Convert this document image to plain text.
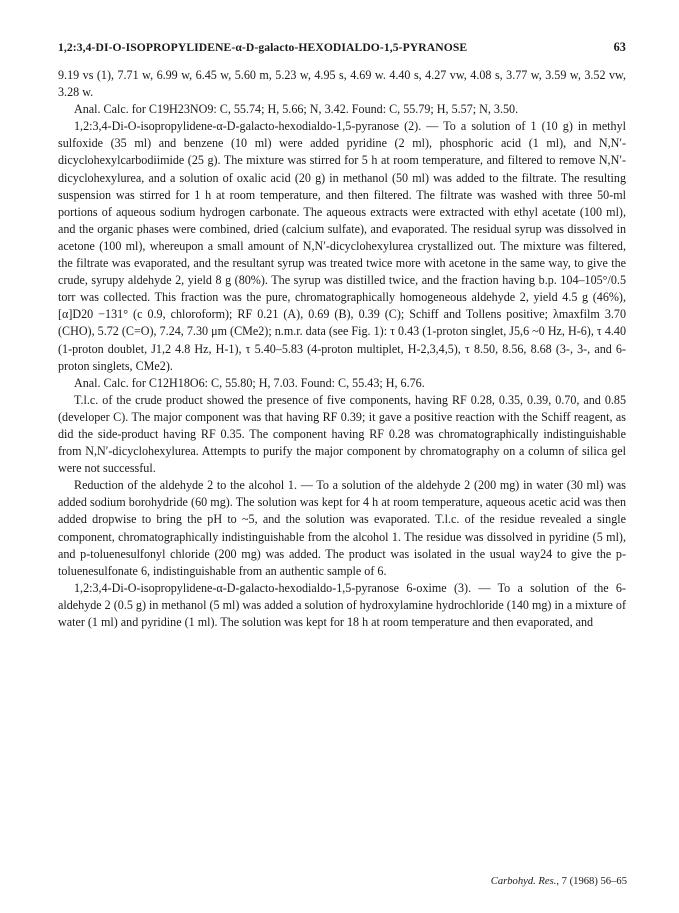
1,2:3,4-DI-O-ISOPROPYLIDENE-α-D-galacto-HEXODIALDO-1,5-PYRANOSE	63

9.19 vs (1), 7.71 w, 6.99 w, 6.45 w, 5.60 m, 5.23 w, 4.95 s, 4.69 w. 4.40 s, 4.27 vw, 4.08 s, 3.77 w, 3.59 w, 3.52 vw, 3.28 w.

Anal. Calc. for C19H23NO9: C, 55.74; H, 5.66; N, 3.42. Found: C, 55.79; H, 5.57; N, 3.50.

1,2:3,4-Di-O-isopropylidene-α-D-galacto-hexodialdo-1,5-pyranose (2). — To a solution of 1 (10 g) in methyl sulfoxide (35 ml) and benzene (10 ml) were added pyridine (2 ml), phosphoric acid (1 ml), and N,N′-dicyclohexylcarbodiimide (25 g). The mixture was stirred for 5 h at room temperature, and filtered to remove N,N′-dicyclohexylurea, and a solution of oxalic acid (20 g) in methanol (50 ml) was added to the filtrate. The resulting suspension was stirred for 1 h at room temperature, and then filtered. The filtrate was washed with three 50-ml portions of aqueous sodium hydrogen carbonate. The aqueous extracts were extracted with ethyl acetate (100 ml), and the organic phases were combined, dried (calcium sulfate), and evaporated. The residual syrup was dissolved in acetone (100 ml), whereupon a small amount of N,N′-dicyclohexylurea crystallized out. The mixture was filtered, the filtrate was evaporated, and the resultant syrup was treated twice more with acetone in the same way, to give the crude, syrupy aldehyde 2, yield 8 g (80%). The syrup was distilled twice, and the fraction having b.p. 104–105°/0.5 torr was collected. This fraction was the pure, chromatographically homogeneous aldehyde 2, yield 4.5 g (46%), [α]D20 −131° (c 0.9, chloroform); RF 0.21 (A), 0.69 (B), 0.39 (C); Schiff and Tollens positive; λmaxfilm 3.70 (CHO), 5.72 (C=O), 7.24, 7.30 μm (CMe2); n.m.r. data (see Fig. 1): τ 0.43 (1-proton singlet, J5,6 ~0 Hz, H-6), τ 4.40 (1-proton doublet, J1,2 4.8 Hz, H-1), τ 5.40–5.83 (4-proton multiplet, H-2,3,4,5), τ 8.50, 8.56, 8.68 (3-, 3-, and 6-proton singlets, CMe2).

Anal. Calc. for C12H18O6: C, 55.80; H, 7.03. Found: C, 55.43; H, 6.76.

T.l.c. of the crude product showed the presence of five components, having RF 0.28, 0.35, 0.39, 0.70, and 0.85 (developer C). The major component was that having RF 0.39; it gave a positive reaction with the Schiff reagent, as did the side-product having RF 0.35. The component having RF 0.28 was chromatographically indistinguishable from N,N′-dicyclohexylurea. Attempts to purify the major component by chromatography on a column of silica gel were not successful.

Reduction of the aldehyde 2 to the alcohol 1. — To a solution of the aldehyde 2 (200 mg) in water (30 ml) was added sodium borohydride (60 mg). The solution was kept for 4 h at room temperature, aqueous acetic acid was then added dropwise to bring the pH to ~5, and the solution was evaporated. T.l.c. of the residue revealed a single component, chromatographically indistinguishable from the alcohol 1. The residue was dissolved in pyridine (5 ml), and p-toluenesulfonyl chloride (200 mg) was added. The product was isolated in the usual way24 to give the p-toluenesulfonate 6, indistinguishable from an authentic sample of 6.

1,2:3,4-Di-O-isopropylidene-α-D-galacto-hexodialdo-1,5-pyranose 6-oxime (3). — To a solution of the 6-aldehyde 2 (0.5 g) in methanol (5 ml) was added a solution of hydroxylamine hydrochloride (140 mg) in a mixture of water (1 ml) and pyridine (1 ml). The solution was kept for 18 h at room temperature and then evaporated, and

Carbohyd. Res., 7 (1968) 56–65
